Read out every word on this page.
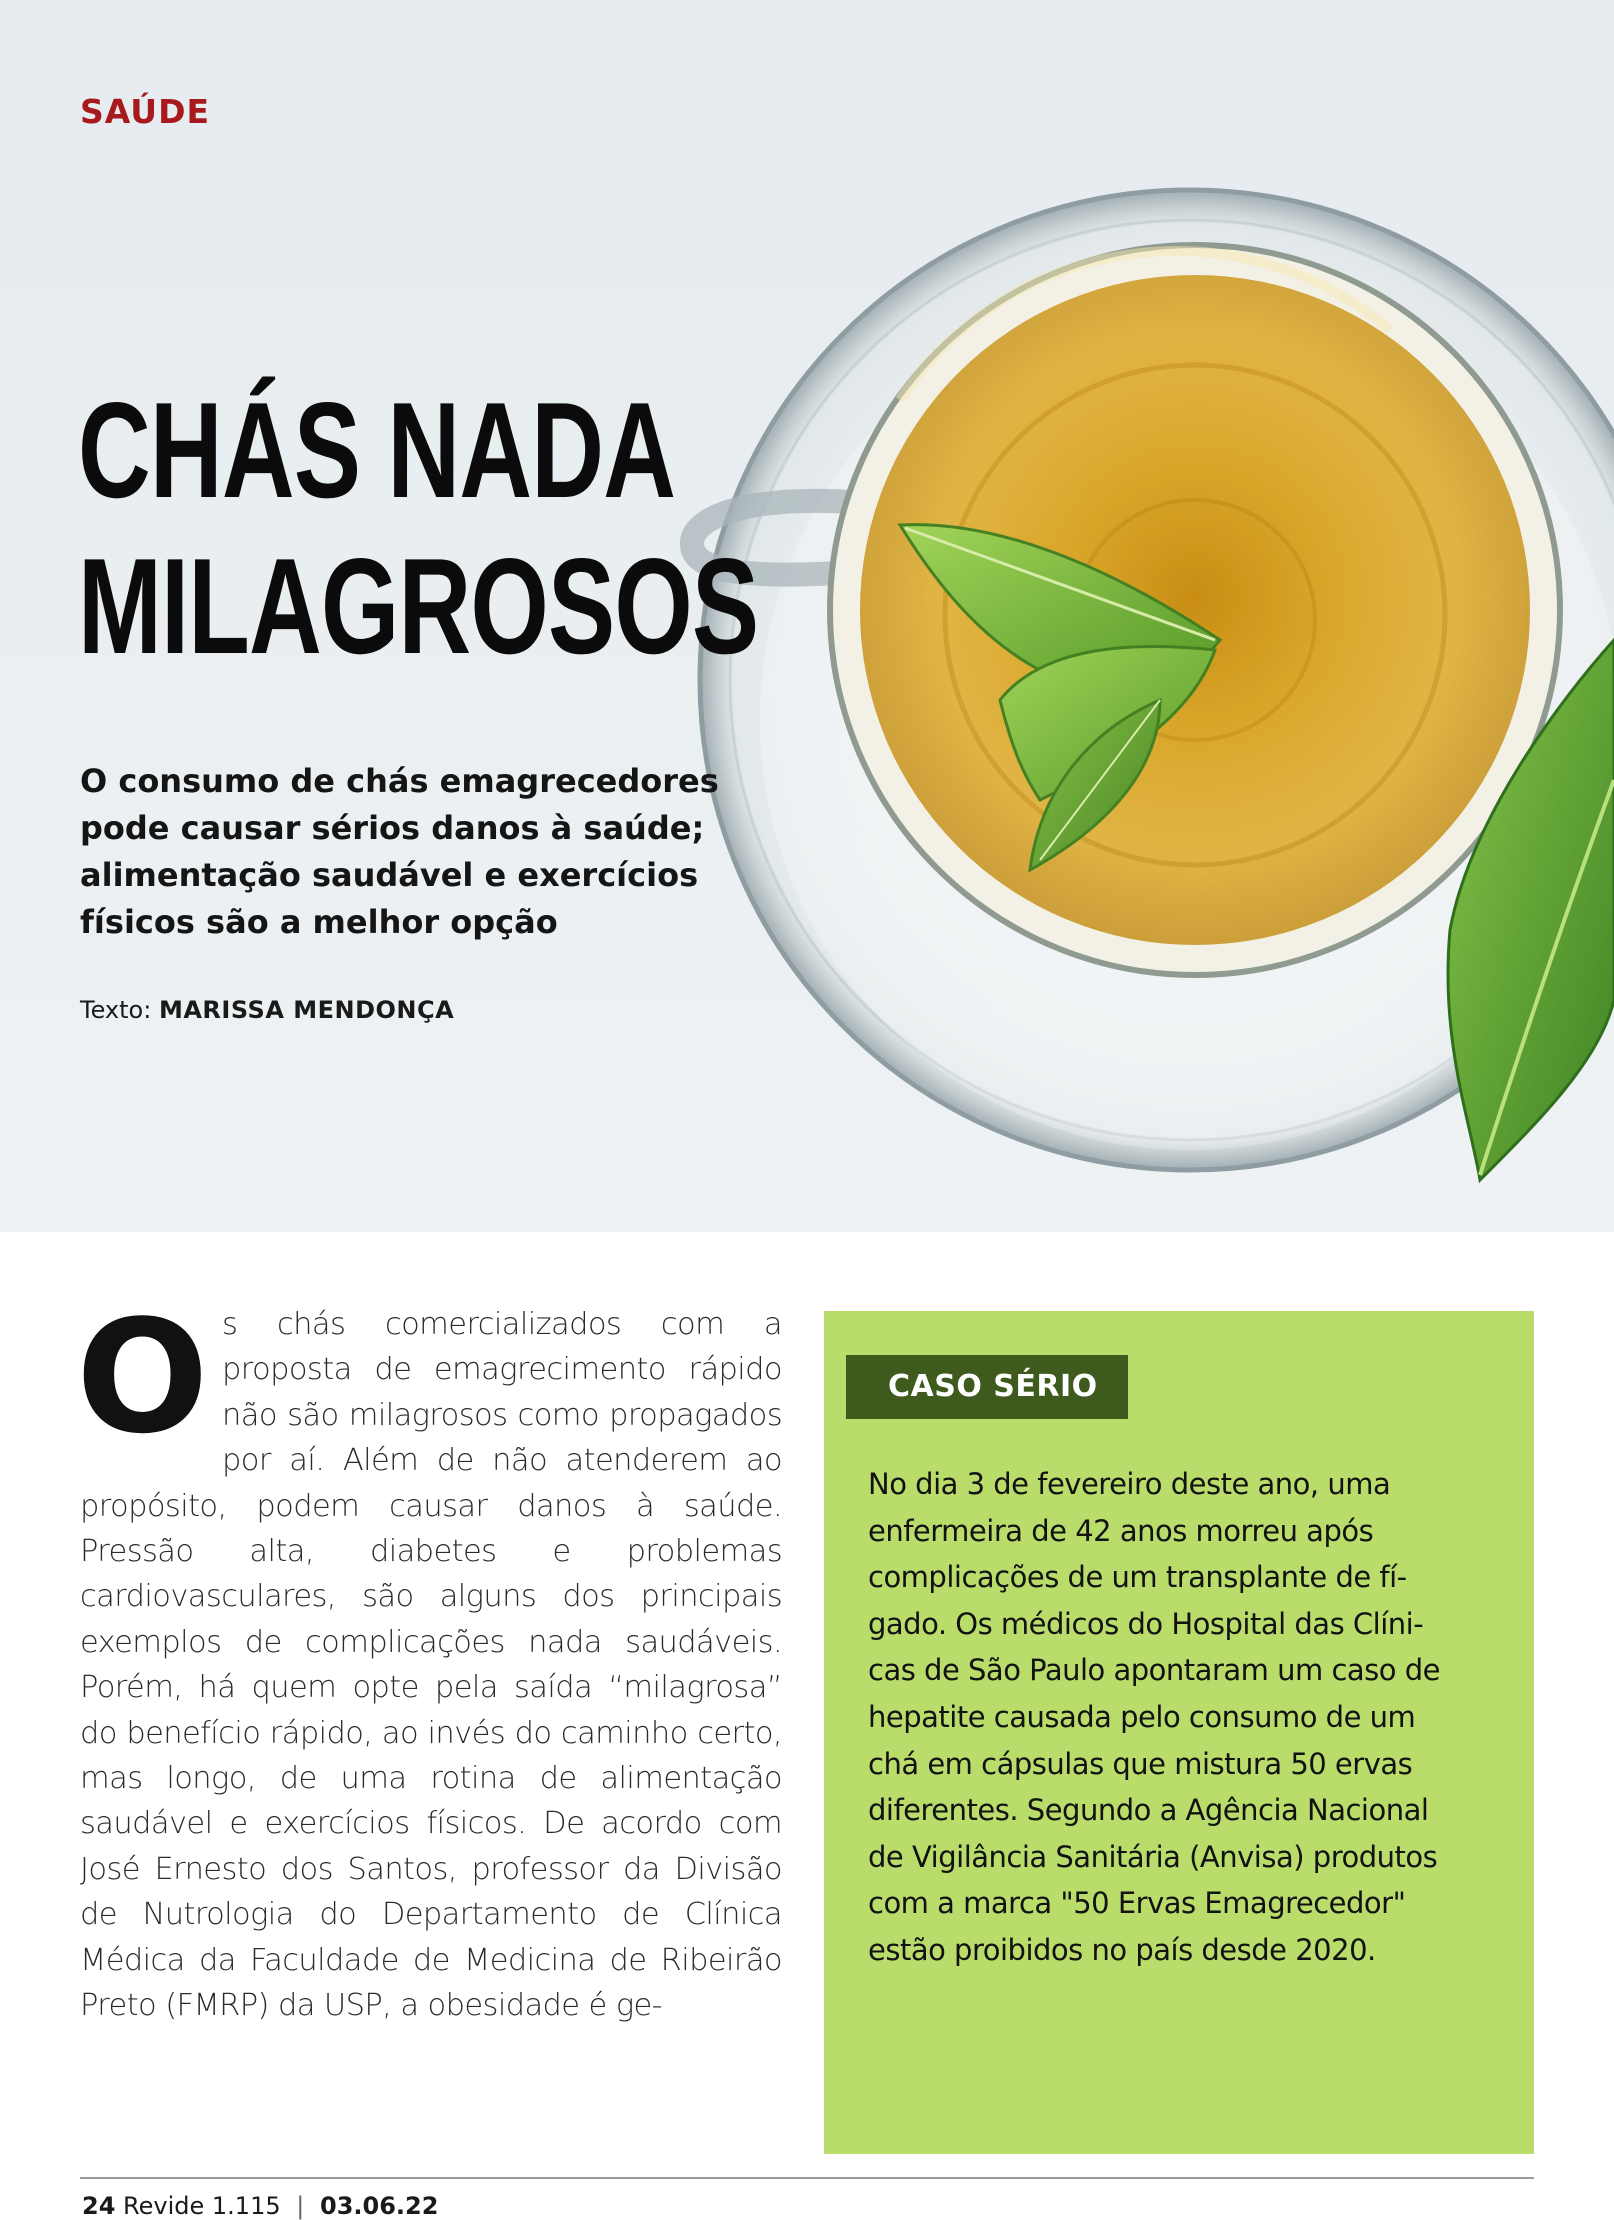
SAÚDE
CHÁS NADA
MILAGROSOS

O consumo de chás emagrecedores
pode causar sérios danos à saúde;
alimentação saudável e exercícios
físicos são a melhor opção

Texto: MARISSA MENDONÇA
O s chás comercializados com a proposta de emagrecimento rápido não são milagrosos como propagados por aí. Além de não atenderem ao propósito, podem causar danos à saúde. Pressão alta, diabetes e problemas cardiovasculares, são alguns dos principais exemplos de complicações nada saudáveis. Porém, há quem opte pela saída “milagrosa” do benefício rápido, ao invés do caminho certo, mas longo, de uma rotina de alimentação saudável e exercícios físicos. De acordo com José Ernesto dos Santos, professor da Divisão de Nutrologia do Departamento de Clínica Médica da Faculdade de Medicina de Ribeirão Preto (FMRP) da USP, a obesidade é ge-
CASO SÉRIO
No dia 3 de fevereiro deste ano, uma
enfermeira de 42 anos morreu após
complicações de um transplante de fí-
gado. Os médicos do Hospital das Clíni-
cas de São Paulo apontaram um caso de
hepatite causada pelo consumo de um
chá em cápsulas que mistura 50 ervas
diferentes. Segundo a Agência Nacional
de Vigilância Sanitária (Anvisa) produtos
com a marca "50 Ervas Emagrecedor"
estão proibidos no país desde 2020.
24 Revide 1.115 | 03.06.22
